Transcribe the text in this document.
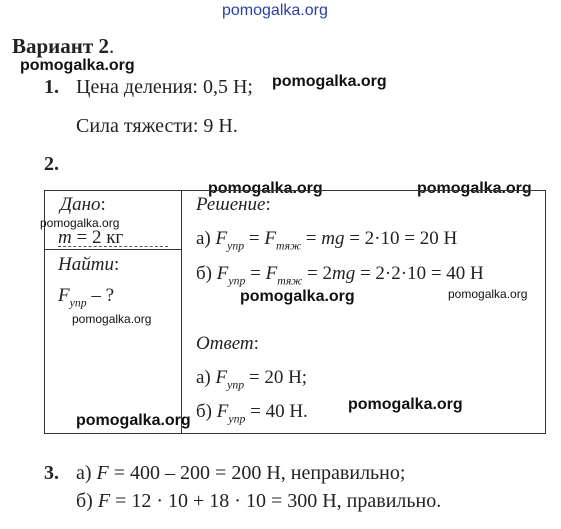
pomogalka.org
Вариант 2.
pomogalka.org
1. Цена деления: 0,5 Н; pomogalka.org
Сила тяжести: 9 Н.
2.
pomogalka.org	pomogalka.org
Дано:
pomogalka.org
m = 2 кг
Найти:
$F_{упр}$ – ?
pomogalka.org
Решение:
а) $F_{упр} = F_{тяж}$ = mg = 2·10 = 20 Н
б) $F_{упр} = F_{тяж} = 2mg = 2\cdot 2\cdot 10 = 40$ Н
pomogalka.org	pomogalka.org
Ответ:
а) $F_{упр} = 20$ Н;
б) $F_{упр} = 40$ Н.	pomogalka.org
pomogalka.org
3. а) F = 400 – 200 = 200 Н, неправильно;
б) F = 12 · 10 + 18 · 10 = 300 Н, правильно.
